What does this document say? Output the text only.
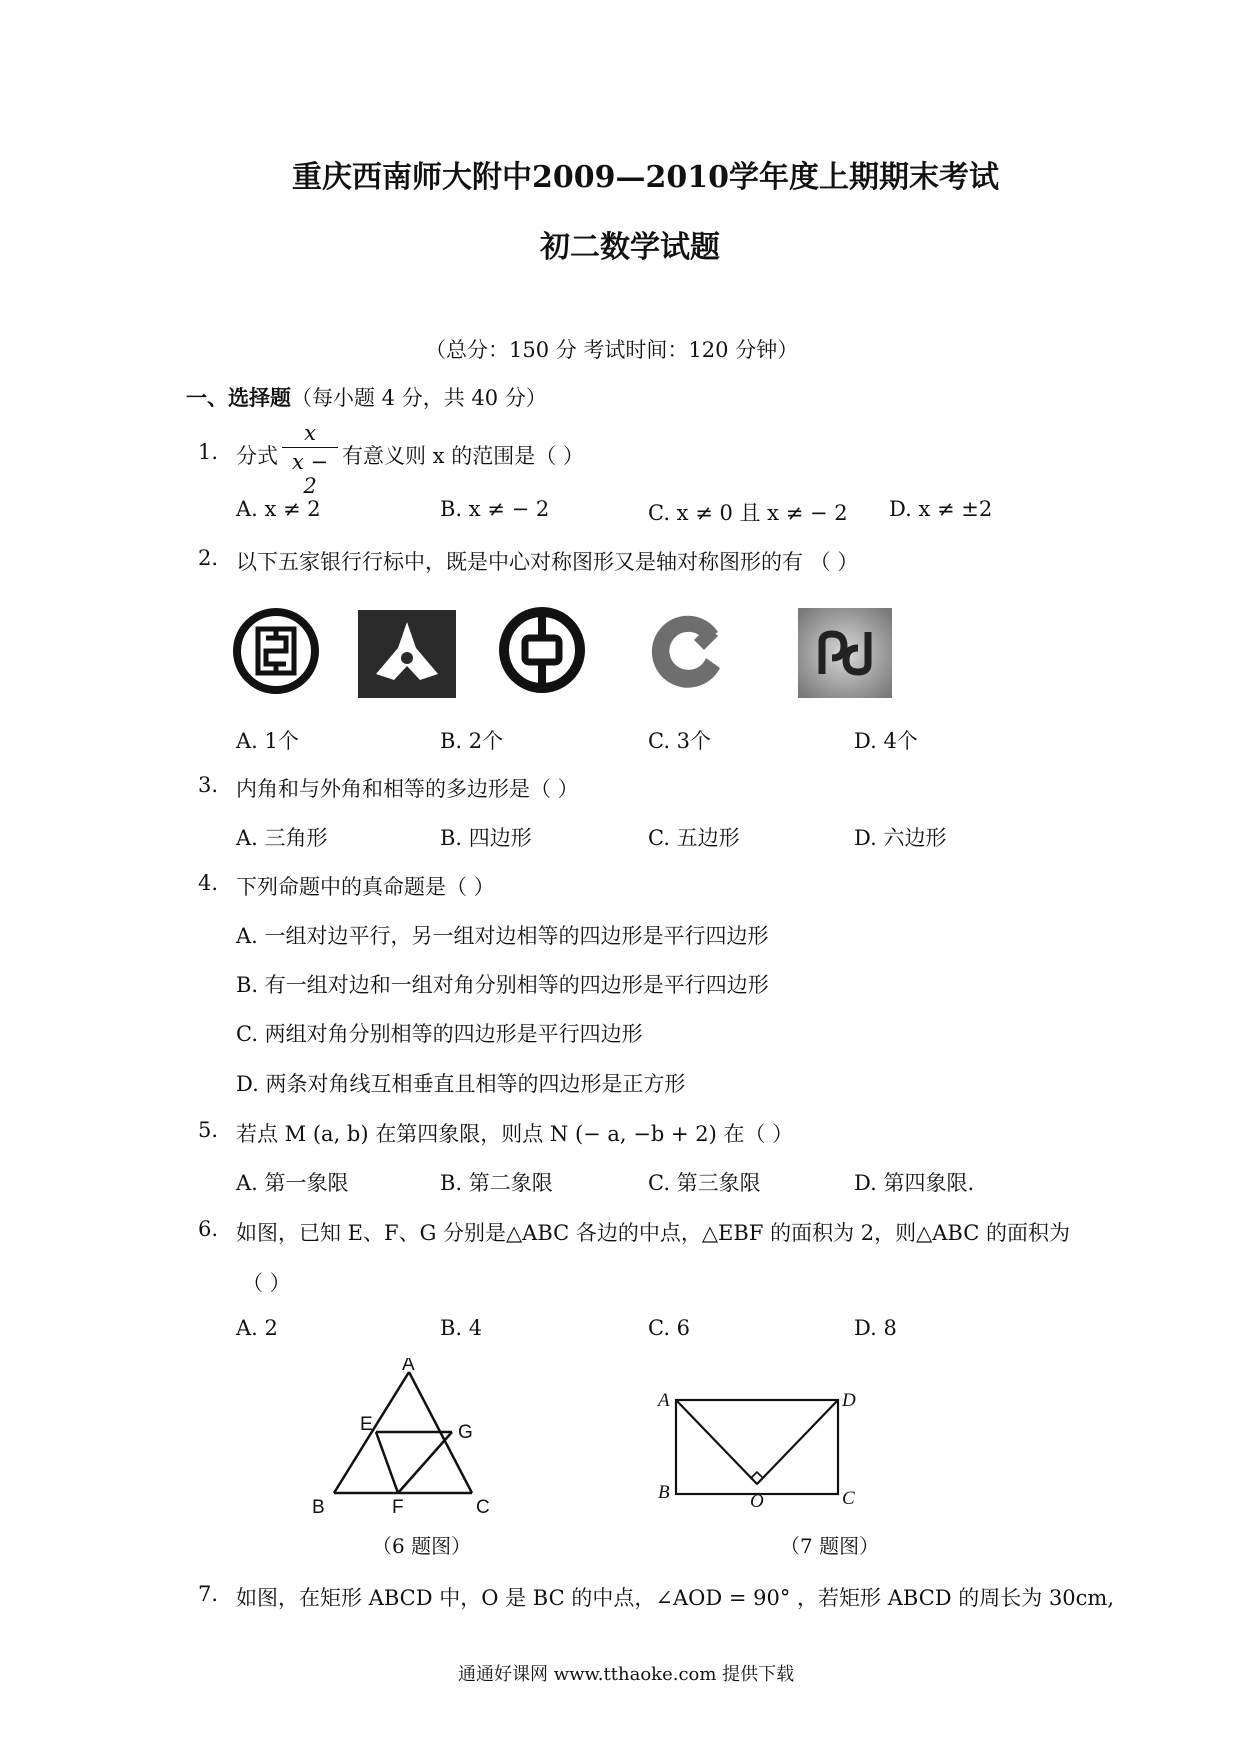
重庆西南师大附中2009—2010学年度上期期末考试
初二数学试题
（总分：150 分 考试时间：120 分钟）
一、选择题（每小题 4 分，共 40 分）
1. 分式 $\frac{x}{x - 2}$ 有意义则 x 的范围是（ ）
A. x ≠ 2	B. x ≠ − 2	C. x ≠ 0 且 x ≠ − 2 D. x ≠ ±2
2. 以下五家银行行标中，既是中心对称图形又是轴对称图形的有 （ ）
A. 1个	B. 2个	C. 3个	D. 4个
3. 内角和与外角和相等的多边形是（ ）
A. 三角形	B. 四边形	C. 五边形	D. 六边形
4. 下列命题中的真命题是（ ）
A. 一组对边平行，另一组对边相等的四边形是平行四边形
B. 有一组对边和一组对角分别相等的四边形是平行四边形
C. 两组对角分别相等的四边形是平行四边形
D. 两条对角线互相垂直且相等的四边形是正方形
5. 若点 M (a, b) 在第四象限，则点 N (− a, −b + 2) 在（ ）
A. 第一象限	B. 第二象限	C. 第三象限	D. 第四象限.
6. 如图，已知 E、F、G 分别是△ABC 各边的中点，△EBF 的面积为 2，则△ABC 的面积为
（ ）
A. 2	B. 4	C. 6	D. 8
A
B	C
E
F
G
（6 题图）
A	D
B	C
O
（7 题图）
7. 如图，在矩形 ABCD 中，O 是 BC 的中点，∠AOD = 90° ，若矩形 ABCD 的周长为 30cm,
通通好课网 www.tthaoke.com 提供下载
